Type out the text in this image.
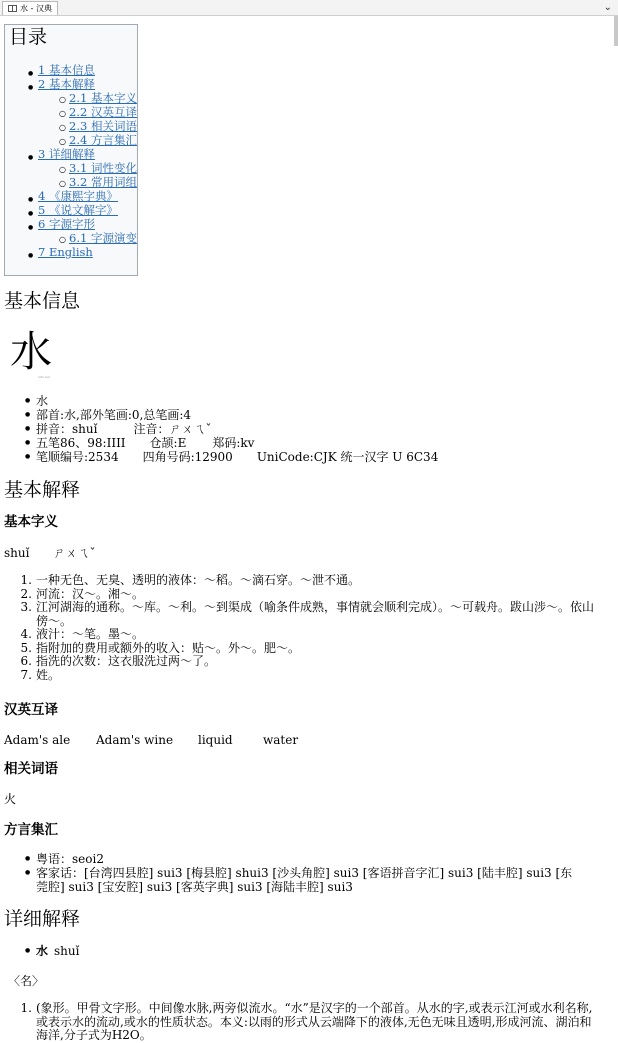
水 - 汉典	⌄
目录
1 基本信息
2 基本解释
2.1 基本字义
2.2 汉英互译
2.3 相关词语
2.4 方言集汇
3 详细解释
3.1 词性变化
3.2 常用词组
4 《康熙字典》
5 《说文解字》
6 字源字形
6.1 字源演变
7 English
基本信息
水
zdic.net
● 水
● 部首:水,部外笔画:0,总笔画:4
● 拼音：shuǐ	注音：ㄕㄨㄟˇ
● 五笔86、98:IIII 仓颉:E 郑码:kv
● 笔顺编号:2534 四角号码:12900 UniCode:CJK 统一汉字 U 6C34
基本解释
基本字义
shuǐ ㄕㄨㄟˇ
1. 一种无色、无臭、透明的液体：～稻。～滴石穿。～泄不通。
2. 河流：汉～。湘～。
3. 江河湖海的通称。～库。～利。～到渠成（喻条件成熟，事情就会顺利完成）。～可载舟。跋山涉～。依山傍～。
4. 液汁：～笔。墨～。
5. 指附加的费用或额外的收入：贴～。外～。肥～。
6. 指洗的次数：这衣服洗过两～了。
7. 姓。
汉英互译
Adam's ale Adam's wine liquid	water
相关词语
火
方言集汇
● 粤语：seoi2
● 客家话：[台湾四县腔] sui3 [梅县腔] shui3 [沙头角腔] sui3 [客语拼音字汇] sui3 [陆丰腔] sui3 [东莞腔] sui3 [宝安腔] sui3 [客英字典] sui3 [海陆丰腔] sui3
详细解释
● 水 shuǐ
〈名〉
1. (象形。甲骨文字形。中间像水脉,两旁似流水。“水”是汉字的一个部首。从水的字,或表示江河或水利名称,或表示水的流动,或水的性质状态。本义:以雨的形式从云端降下的液体,无色无味且透明,形成河流、湖泊和海洋,分子式为H2O。
